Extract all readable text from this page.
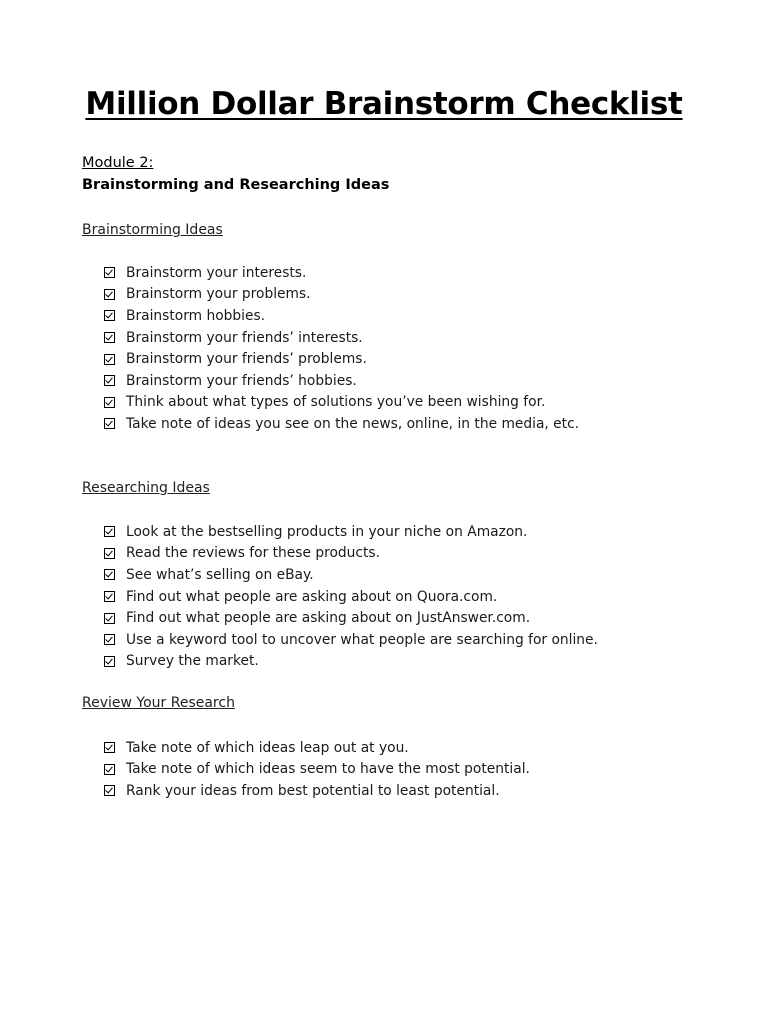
Million Dollar Brainstorm Checklist

Module 2:

Brainstorming and Researching Ideas

Brainstorming Ideas

Brainstorm your interests.
Brainstorm your problems.
Brainstorm hobbies.
Brainstorm your friends’ interests.
Brainstorm your friends’ problems.
Brainstorm your friends’ hobbies.
Think about what types of solutions you’ve been wishing for.
Take note of ideas you see on the news, online, in the media, etc.

Researching Ideas

Look at the bestselling products in your niche on Amazon.
Read the reviews for these products.
See what’s selling on eBay.
Find out what people are asking about on Quora.com.
Find out what people are asking about on JustAnswer.com.
Use a keyword tool to uncover what people are searching for online.
Survey the market.

Review Your Research

Take note of which ideas leap out at you.
Take note of which ideas seem to have the most potential.
Rank your ideas from best potential to least potential.
